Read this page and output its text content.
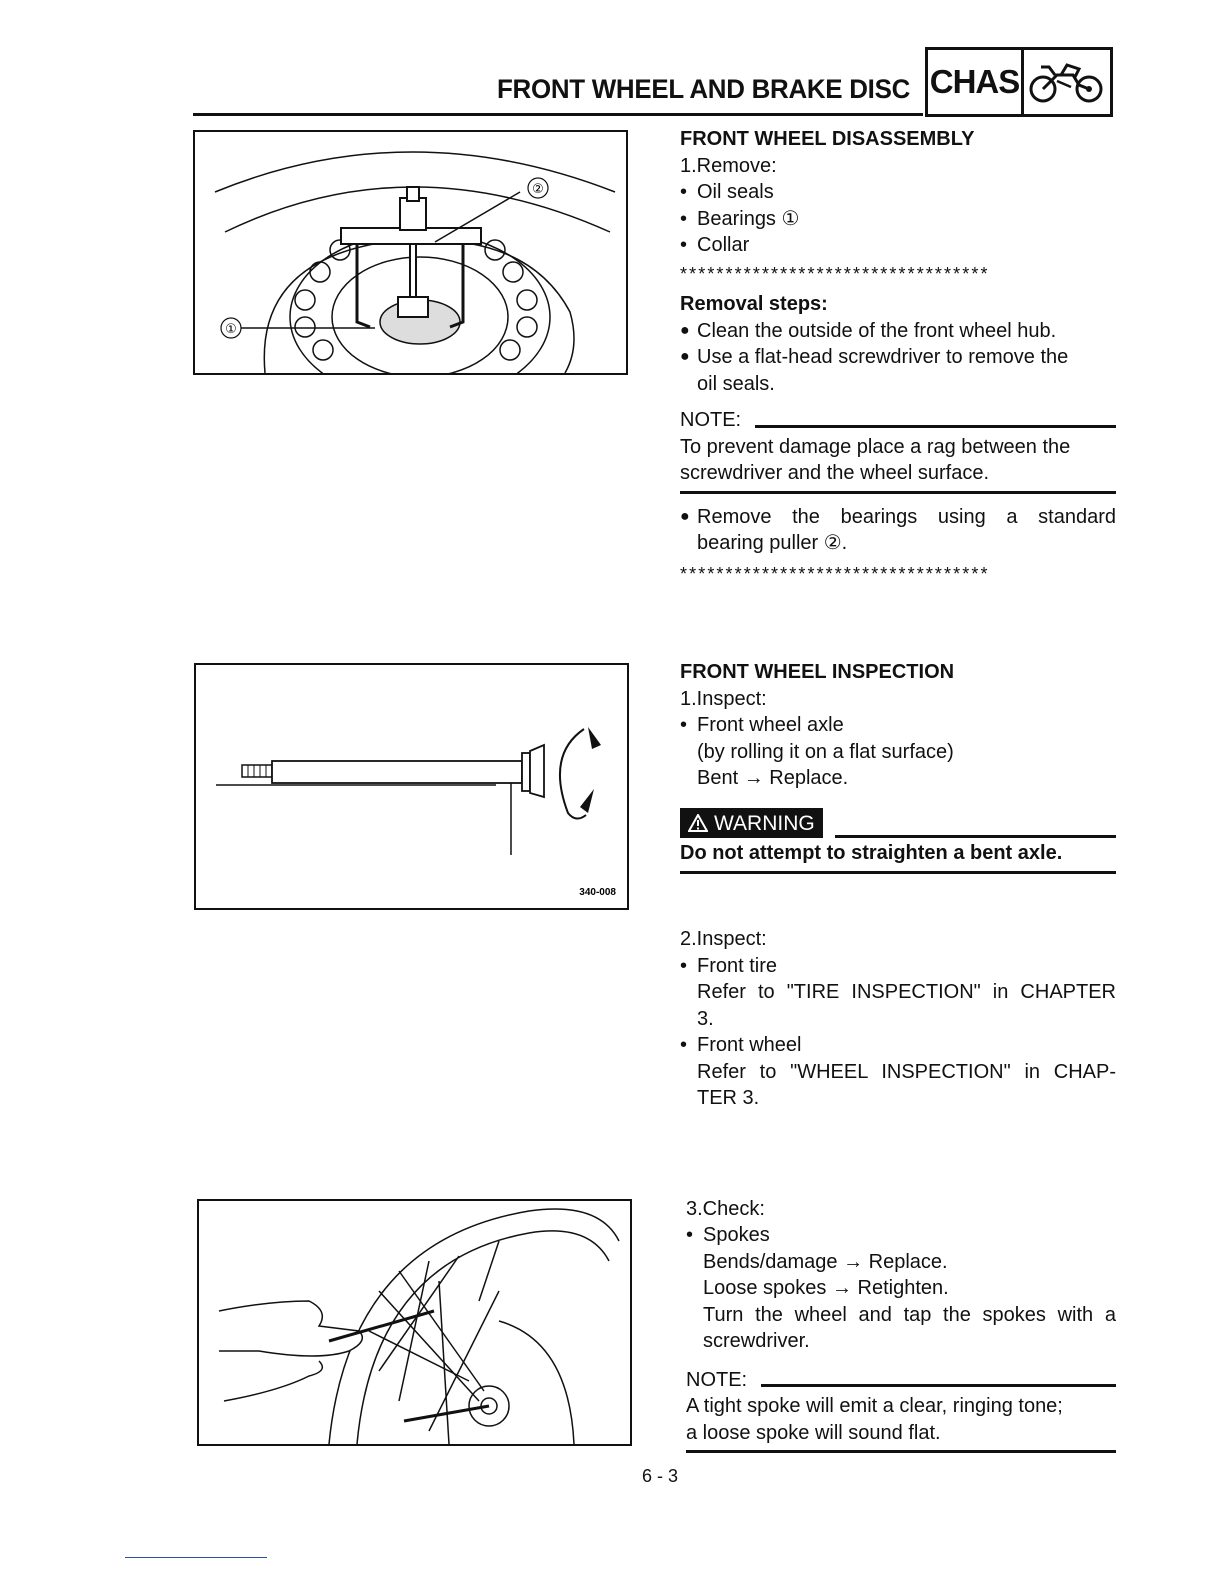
FRONT WHEEL AND BRAKE DISC CHAS
①
②
340-008
FRONT WHEEL DISASSEMBLY
1.Remove:
• Oil seals
• Bearings ①
• Collar
**********************************
Removal steps:
● Clean the outside of the front wheel hub.
● Use a flat-head screwdriver to remove the
oil seals.
NOTE:
To prevent damage place a rag between the
screwdriver and the wheel surface.
● Remove the bearings using a standard
bearing puller ②.
**********************************
FRONT WHEEL INSPECTION
1.Inspect:
• Front wheel axle
(by rolling it on a flat surface)
Bent → Replace.
WARNING
Do not attempt to straighten a bent axle.
2.Inspect:
• Front tire
Refer to "TIRE INSPECTION" in CHAPTER
3.
• Front wheel
Refer to "WHEEL INSPECTION" in CHAP-
TER 3.
3.Check:
• Spokes
Bends/damage → Replace.
Loose spokes → Retighten.
Turn the wheel and tap the spokes with a
screwdriver.
NOTE:
A tight spoke will emit a clear, ringing tone;
a loose spoke will sound flat.
6 - 3
